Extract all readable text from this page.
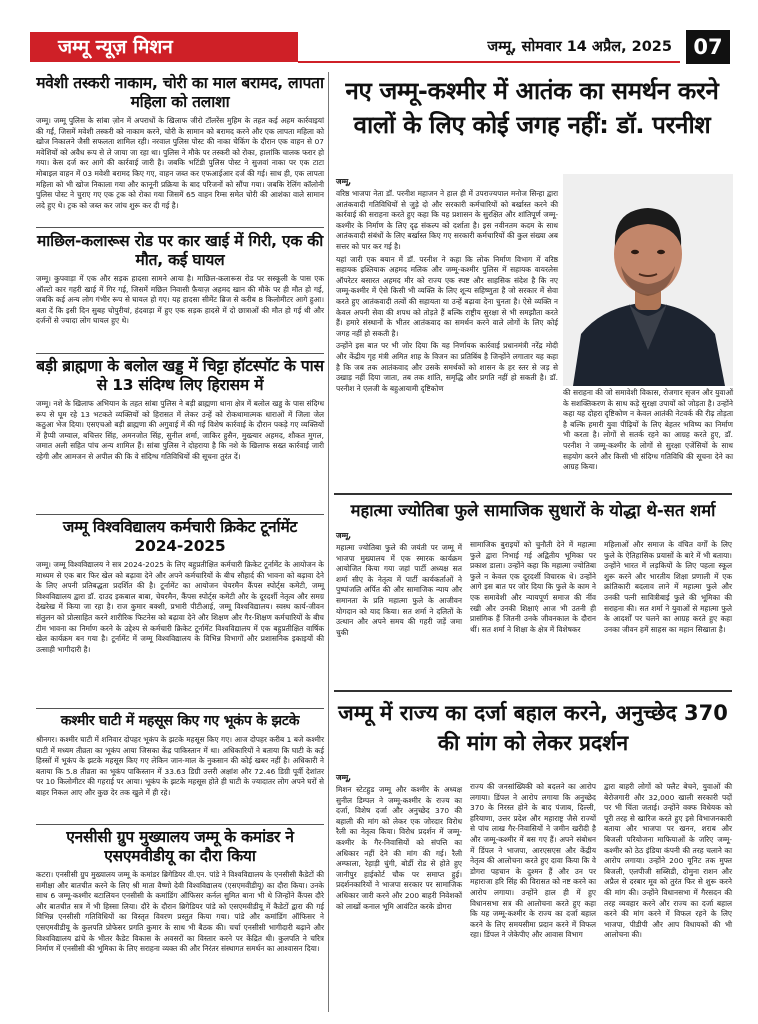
जम्मू न्यूज़ मिशन	जम्मू, सोमवार 14 अप्रैल, 2025	07
मवेशी तस्करी नाकाम, चोरी का माल बरामद, लापता महिला को तलाशा
जम्मू। जम्मू पुलिस के सांबा ज़ोन में अपराधों के खिलाफ जीरो टॉलरेंस मुहिम के तहत कई अहम कार्रवाइयां की गईं, जिसमें मवेशी तस्करी को नाकाम करने, चोरी के सामान को बरामद करने और एक लापता महिला को खोज निकालने जैसी सफलता शामिल रही। नरवाल पुलिस पोस्ट की नाका चेकिंग के दौरान एक वाहन से 07 मवेशियों को अवैध रूप से ले जाया जा रहा था। पुलिस ने मौके पर तस्करी को रोका, हालांकि चालक फरार हो गया। केस दर्ज कर आगे की कार्रवाई जारी है। जबकि भटिंडी पुलिस पोस्ट ने सुजवां नाका पर एक टाटा मोबाइल वाहन में 03 मवेशी बरामद किए गए, वाहन जब्त कर एफआईआर दर्ज की गई। साथ ही, एक लापता महिला को भी खोज निकाला गया और कानूनी प्रक्रिया के बाद परिजनों को सौंपा गया। जबकि रेलिंग कॉलोनी पुलिस पोस्ट ने चुराए गए एक ट्रक को रोका गया जिसमें 65 वाहन रिम्स समेत चोरी की आशंका वाले सामान लदे हुए थे। ट्रक को जब्त कर जांच शुरू कर दी गई है।
माछिल-कलारूस रोड पर कार खाई में गिरी, एक की मौत, कई घायल
जम्मू। कुपवाड़ा में एक और सड़क हादसा सामने आया है। माछिल-कलारूस रोड पर सस्कूली के पास एक ऑल्टो कार गहरी खाई में गिर गई, जिसमें मछिल निवासी फ़ैयाज़ अहमद खान की मौके पर ही मौत हो गई, जबकि कई अन्य लोग गंभीर रूप से घायल हो गए। यह हादसा सीमेंट ब्रिज से करीब 8 किलोमीटर आगे हुआ। बता दें कि इसी दिन सुबह चोपुरीयां, हंदवाड़ा में हुए एक सड़क हादसे में दो छात्राओं की मौत हो गई थी और दर्जनों से ज्यादा लोग घायल हुए थे।
बड़ी ब्राह्मणा के बलोल खड्ड में चिट्टा हॉटस्पॉट के पास से 13 संदिग्ध लिए हिरासम में
जम्मू। नशे के खिलाफ अभियान के तहत सांबा पुलिस ने बड़ी ब्राह्मणा थाना क्षेत्र में बलोल खड्ड के पास संदिग्ध रूप से घूम रहे 13 भटकते व्यक्तियों को हिरासत में लेकर उन्हें को रोकथामात्मक धाराओं में जिला जेल कठुआ भेज दिया। एसएचओ बड़ी ब्राह्मणा की अगुवाई में की गई विशेष कार्रवाई के दौरान पकड़े गए व्यक्तियों में हैप्पी जम्वाल, बचित्तर सिंह, अमनजोत सिंह, सुनील शर्मा, जाकिर हुसैन, मुख्त्यार अहमद, शौकत मुगल, जमात अली सहित पांच अन्य शामिल हैं। सांबा पुलिस ने दोहराया है कि नशे के खिलाफ सख्त कार्रवाई जारी रहेगी और आमजन से अपील की कि वे संदिग्ध गतिविधियों की सूचना तुरंत दें।
जम्मू विश्वविद्यालय कर्मचारी क्रिकेट टूर्नामेंट 2024-2025
जम्मू। जम्मू विश्वविद्यालय ने सत्र 2024-2025 के लिए बहुप्रतीक्षित कर्मचारी क्रिकेट टूर्नामेंट के आयोजन के माध्यम से एक बार फिर खेल को बढ़ावा देने और अपने कर्मचारियों के बीच सौहार्द की भावना को बढ़ावा देने के लिए अपनी प्रतिबद्धता प्रदर्शित की है। टूर्नामेंट का आयोजन चेयरमैन कैंपस स्पोर्ट्स कमेटी, जम्मू विश्वविद्यालय द्वारा डॉ. दाउद इकबाल बाबा, चेयरमैन, कैंपस स्पोर्ट्स कमेटी और के दूरदर्शी नेतृत्व और समग्र देखरेख में किया जा रहा है। राज कुमार बक्शी, प्रभारी पीटीआई, जम्मू विश्वविद्यालय। स्वस्थ कार्य-जीवन संतुलन को प्रोत्साहित करने शारीरिक फिटनेस को बढ़ावा देने और शिक्षण और गैर-शिक्षण कर्मचारियों के बीच टीम भावना का निर्माण करने के उद्देश्य से कर्मचारी क्रिकेट टूर्नामेंट विश्वविद्यालय में एक बहुप्रतीक्षित वार्षिक खेल कार्यक्रम बन गया है। टूर्नामेंट में जम्मू विश्वविद्यालय के विभिन्न विभागों और प्रशासनिक इकाइयों की उत्साही भागीदारी है।
कश्मीर घाटी में महसूस किए गए भूकंप के झटके
श्रीनगर। कश्मीर घाटी में शनिवार दोपहर भूकंप के झटके महसूस किए गए। आज दोपहर करीब 1 बजे कश्मीर घाटी में मध्यम तीव्रता का भूकंप आया जिसका केंद्र पाकिस्तान में था। अधिकारियों ने बताया कि घाटी के कई हिस्सों में भूकंप के झटके महसूस किए गए लेकिन जान-माल के नुकसान की कोई खबर नहीं है। अधिकारी ने बताया कि 5.8 तीव्रता का भूकंप पाकिस्तान में 33.63 डिग्री उत्तरी अक्षांश और 72.46 डिग्री पूर्वी देशांतर पर 10 किलोमीटर की गहराई पर आया। भूकंप के झटके महसूस होते ही घाटी के ज्यादातर लोग अपने घरों से बाहर निकल आए और कुछ देर तक खुले में ही रहे।
एनसीसी ग्रुप मुख्यालय जम्मू के कमांडर ने एसएमवीडीयू का दौरा किया
कटरा। एनसीसी ग्रुप मुख्यालय जम्मू के कमांडर ब्रिगेडियर वी.एन. पांडे ने विश्वविद्यालय के एनसीसी कैडेटों की समीक्षा और बातचीत करने के लिए श्री माता वैष्णो देवी विश्वविद्यालय (एसएमवीडीयू) का दौरा किया। उनके साथ 6 जम्मू-कश्मीर बटालियन एनसीसी के कमांडिंग ऑफिसर कर्नल सुमित बाना भी थे जिन्होंने कैंपस दौरे और बातचीत सत्र में भी हिस्सा लिया। दौरे के दौरान ब्रिगेडियर पांडे को एसएमवीडीयू में कैडेटों द्वारा की गई विभिन्न एनसीसी गतिविधियों का विस्तृत विवरण प्रस्तुत किया गया। पांडे और कमांडिंग ऑफिसर ने एसएमवीडीयू के कुलपति प्रोफेसर प्रगति कुमार के साथ भी बैठक की। चर्चा एनसीसी भागीदारी बढ़ाने और विश्वविद्यालय ढांचे के भीतर कैडेट विकास के अवसरों का विस्तार करने पर केंद्रित थी। कुलपति ने चरित्र निर्माण में एनसीसी की भूमिका के लिए सराहना व्यक्त की और निरंतर संस्थागत समर्थन का आश्वासन दिया।
नए जम्मू-कश्मीर में आतंक का समर्थन करने वालों के लिए कोई जगह नहीं: डॉ. परनीश
जम्मू,
वरिष्ठ भाजपा नेता डॉ. परनीश महाजन ने हाल ही में उपराज्यपाल मनोज सिन्हा द्वारा आतंकवादी गतिविधियों से जुड़े दो और सरकारी कर्मचारियों को बर्खास्त करने की कार्रवाई की सराहना करते हुए कहा कि यह प्रशासन के सुरक्षित और शांतिपूर्ण जम्मू-कश्मीर के निर्माण के लिए दृढ़ संकल्प को दर्शाता है। इस नवीनतम कदम के साथ आतंकवादी संबंधों के लिए बर्खास्त किए गए सरकारी कर्मचारियों की कुल संख्या अब सत्तर को पार कर गई है।
यहां जारी एक बयान में डॉ. परनीश ने कहा कि लोक निर्माण विभाग में वरिष्ठ सहायक इश्तियाक अहमद मलिक और जम्मू-कश्मीर पुलिस में सहायक वायरलेस ऑपरेटर बसारत अहमद मीर को राज्य एक स्पष्ट और साहसिक संदेश है कि नए जम्मू-कश्मीर में ऐसे किसी भी व्यक्ति के लिए शून्य सहिष्णुता है जो सरकार में सेवा करते हुए आतंकवादी तत्वों की सहायता या उन्हें बढ़ावा देना चुनता है। ऐसे व्यक्ति न केवल अपनी सेवा की शपथ को तोड़ते हैं बल्कि राष्ट्रीय सुरक्षा से भी समझौता करते हैं। हमारे संस्थानों के भीतर आतंकवाद का समर्थन करने वाले लोगों के लिए कोई जगह नहीं हो सकती है।
उन्होंने इस बात पर भी जोर दिया कि यह निर्णायक कार्रवाई प्रधानमंत्री नरेंद्र मोदी और केंद्रीय गृह मंत्री अमित शाह के विजन का प्रतिबिंब है जिन्होंने लगातार यह कहा है कि जब तक आतंकवाद और उसके समर्थकों को शासन के हर स्तर से जड़ से उखाड़ नहीं दिया जाता, तब तक शांति, समृद्धि और प्रगति नहीं हो सकती है। डॉ. परनीश ने एलजी के बहुआयामी दृष्टिकोण	की सराहना की जो समावेशी विकास, रोजगार सृजन और युवाओं के सशक्तिकरण के साथ कड़े सुरक्षा उपायों को जोड़ता है। उन्होंने कहा यह दोहरा दृष्टिकोण न केवल आतंकी नेटवर्क की रीढ़ तोड़ता है बल्कि हमारी युवा पीढ़ियों के लिए बेहतर भविष्य का निर्माण भी करता है। लोगों से सतर्क रहने का आग्रह करते हुए, डॉ. परनीश ने जम्मू-कश्मीर के लोगों से सुरक्षा एजेंसियों के साथ सहयोग करने और किसी भी संदिग्ध गतिविधि की सूचना देने का आग्रह किया।
महात्मा ज्योतिबा फुले सामाजिक सुधारों के योद्धा थे-सत शर्मा
जम्मू,
महात्मा ज्योतिबा फुले की जयंती पर जम्मू में भाजपा मुख्यालय में एक स्मारक कार्यक्रम आयोजित किया गया जहां पार्टी अध्यक्ष सत शर्मा सीए के नेतृत्व में पार्टी कार्यकर्ताओं ने पुष्पांजलि अर्पित की और सामाजिक न्याय और समानता के प्रति महात्मा फुले के आजीवन योगदान को याद किया। सत शर्मा ने दलितों के उत्थान और अपने समय की गहरी जड़ें जमा चुकी
सामाजिक बुराइयों को चुनौती देने में महात्मा फुले द्वारा निभाई गई अद्वितीय भूमिका पर प्रकाश डाला। उन्होंने कहा कि महात्मा ज्योतिबा फुले न केवल एक दूरदर्शी विचारक थे। उन्होंने आगे इस बात पर जोर दिया कि फुले के काम ने एक समावेशी और न्यायपूर्ण समाज की नींव रखी और उनकी शिक्षाएं आज भी उतनी ही प्रासंगिक हैं जितनी उनके जीवनकाल के दौरान थीं। सत शर्मा ने शिक्षा के क्षेत्र में विशेषकर
महिलाओं और समाज के वंचित वर्गों के लिए फुले के ऐतिहासिक प्रयासों के बारे में भी बताया। उन्होंने भारत में लड़कियों के लिए पहला स्कूल शुरू करने और भारतीय शिक्षा प्रणाली में एक क्रांतिकारी बदलाव लाने में महात्मा फुले और उनकी पत्नी सावित्रीबाई फुले की भूमिका की सराहना की। सत शर्मा ने युवाओं से महात्मा फुले के आदर्शों पर चलने का आग्रह करते हुए कहा उनका जीवन हमें साहस का महान सिखाता है।
जम्मू में राज्य का दर्जा बहाल करने, अनुच्छेद 370 की मांग को लेकर प्रदर्शन
जम्मू,
मिशन स्टेटहुड जम्मू और कश्मीर के अध्यक्ष सुनील डिम्पल ने जम्मू-कश्मीर के राज्य का दर्जा, विशेष दर्जा और अनुच्छेद 370 की बहाली की मांग को लेकर एक जोरदार विरोध रैली का नेतृत्व किया। विरोध प्रदर्शन में जम्मू-कश्मीर के गैर-निवासियों को संपत्ति का अधिकार नहीं देने की मांग की गई। रैली अम्फाला, रेहाड़ी चुंगी, बोर्डी रोड से होते हुए जानीपुर हाईकोर्ट चौक पर समाप्त हुई। प्रदर्शनकारियों ने भाजपा सरकार पर सामाजिक अधिकार जारी करने और 200 बाहरी निवेशकों को लाखों कनाल भूमि आवंटित करके डोगरा
राज्य की जनसांख्यिकी को बदलने का आरोप लगाया। डिंपल ने आरोप लगाया कि अनुच्छेद 370 के निरस्त होने के बाद पंजाब, दिल्ली, हरियाणा, उत्तर प्रदेश और महाराष्ट्र जैसे राज्यों से पांच लाख गैर-निवासियों ने जमीन खरीदी है और जम्मू-कश्मीर में बस गए हैं। अपने संबोधन में डिंपल ने भाजपा, आरएसएस और केंद्रीय नेतृत्व की आलोचना करते हुए दावा किया कि वे डोगरा पहचान के दुश्मन हैं और उन पर महाराजा हरि सिंह की विरासत को नष्ट करने का आरोप लगाया। उन्होंने हाल ही में हुए विधानसभा सत्र की आलोचना करते हुए कहा कि यह जम्मू-कश्मीर के राज्य का दर्जा बहाल करने के लिए समयसीमा प्रदान करने में विफल रहा। डिंपल ने जेकेपीए और आवास विभाग
द्वारा बाहरी लोगों को फ्लैट बेचने, युवाओं की बेरोजगारी और 32,000 खाली सरकारी पदों पर भी चिंता जताई। उन्होंने वक्फ विधेयक को पूरी तरह से खारिज करते हुए इसे विभाजनकारी बताया और भाजपा पर खनन, शराब और बिजली परियोजना माफियाओं के जरिए जम्मू-कश्मीर को ठेठ इंडिया कंपनी की तरह चलाने का आरोप लगाया। उन्होंने 200 यूनिट तक मुफ्त बिजली, एलपीजी सब्सिडी, दोमुना राशन और अप्रैल से दरबार मूव को तुरंत फिर से शुरू करने की मांग की। उन्होंने विधानसभा में गैरसदन की तरह व्यवहार करने और राज्य का दर्जा बहाल करने की मांग करने में विफल रहने के लिए भाजपा, पीडीपी और आप विधायकों की भी आलोचना की।
